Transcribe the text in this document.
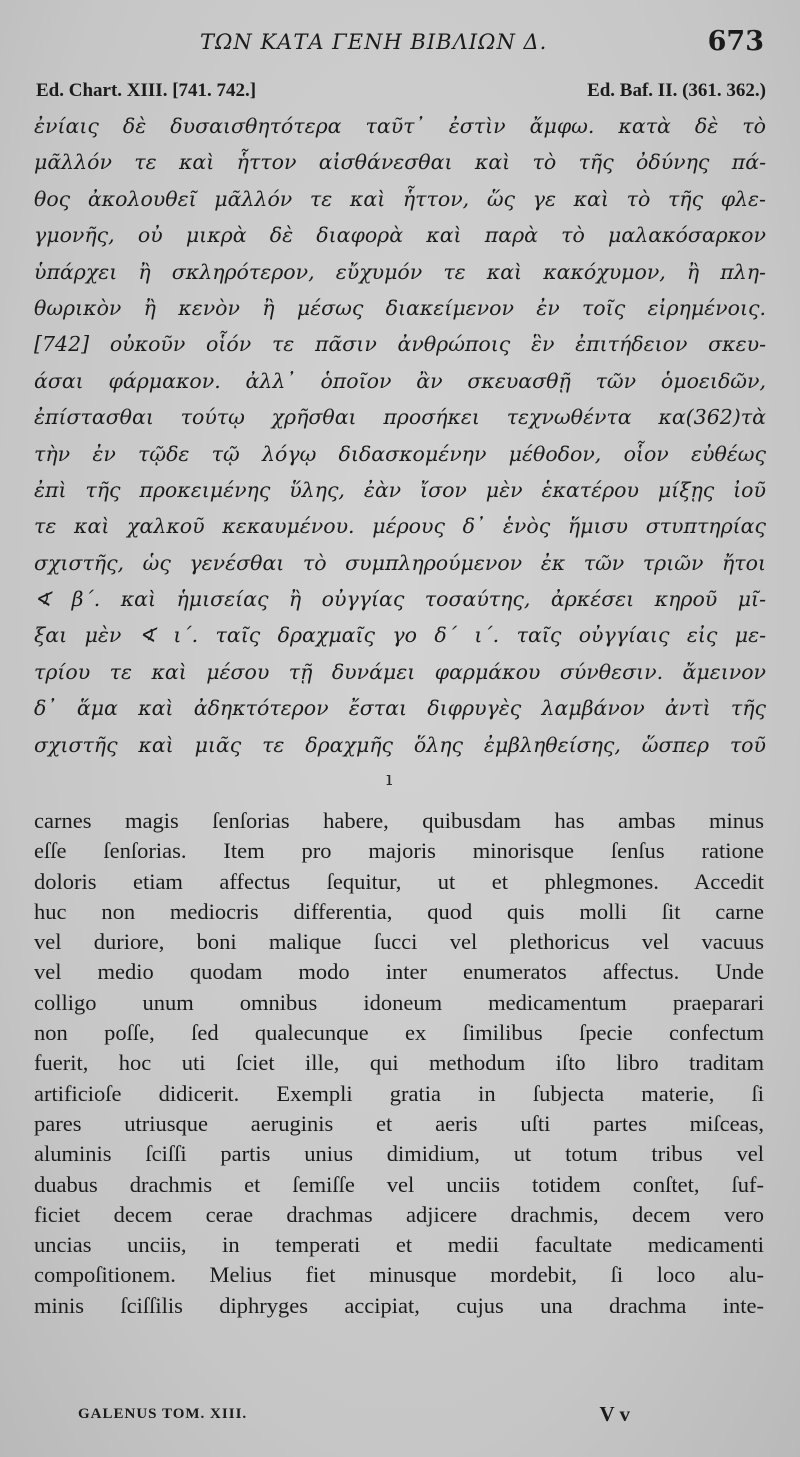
ΤΩΝ ΚΑΤΑ ΓΕΝΗ ΒΙΒΛΙΩΝ Δ.	673
Ed. Chart. XIII. [741. 742.]	Ed. Baf. II. (361. 362.)
ἐνίαις δὲ δυσαισθητότερα ταῦτ᾽ ἐστὶν ἄμφω. κατὰ δὲ τὸ
μᾶλλόν τε καὶ ἧττον αἰσθάνεσθαι καὶ τὸ τῆς ὀδύνης πά-
θος ἀκολουθεῖ μᾶλλόν τε καὶ ἧττον, ὥς γε καὶ τὸ τῆς φλε-
γμονῆς, οὐ μικρὰ δὲ διαφορὰ καὶ παρὰ τὸ μαλακόσαρκον
ὑπάρχει ἢ σκληρότερον, εὔχυμόν τε καὶ κακόχυμον, ἢ πλη-
θωρικὸν ἢ κενὸν ἢ μέσως διακείμενον ἐν τοῖς εἰρημένοις.
[742] οὐκοῦν οἷόν τε πᾶσιν ἀνθρώποις ἓν ἐπιτήδειον σκευ-
άσαι φάρμακον. ἀλλ᾽ ὁποῖον ἂν σκευασθῇ τῶν ὁμοειδῶν,
ἐπίστασθαι τούτῳ χρῆσθαι προσήκει τεχνωθέντα κα(362)τὰ
τὴν ἐν τῷδε τῷ λόγῳ διδασκομένην μέθοδον, οἷον εὐθέως
ἐπὶ τῆς προκειμένης ὕλης, ἐὰν ἴσον μὲν ἑκατέρου μίξῃς ἰοῦ
τε καὶ χαλκοῦ κεκαυμένου. μέρους δ᾽ ἑνὸς ἥμισυ στυπτηρίας
σχιστῆς, ὡς γενέσθαι τὸ συμπληρούμενον ἐκ τῶν τριῶν ἤτοι
∢ β΄. καὶ ἡμισείας ἢ οὐγγίας τοσαύτης, ἀρκέσει κηροῦ μῖ-
ξαι μὲν ∢ ι΄. ταῖς δραχμαῖς γο δ΄ ι΄. ταῖς οὐγγίαις εἰς με-
τρίου τε καὶ μέσου τῇ δυνάμει φαρμάκου σύνθεσιν. ἄμεινον
δ᾽ ἅμα καὶ ἀδηκτότερον ἔσται διφρυγὲς λαμβάνον ἀντὶ τῆς
σχιστῆς καὶ μιᾶς τε δραχμῆς ὅλης ἐμβληθείσης, ὥσπερ τοῦ
ı
carnes magis ſenſorias habere, quibusdam has ambas minus
eſſe ſenſorias. Item pro majoris minorisque ſenſus ratione
doloris etiam affectus ſequitur, ut et phlegmones. Accedit
huc non mediocris differentia, quod quis molli ſit carne
vel duriore, boni malique ſucci vel plethoricus vel vacuus
vel medio quodam modo inter enumeratos affectus. Unde
colligo unum omnibus idoneum medicamentum praeparari
non poſſe, ſed qualecunque ex ſimilibus ſpecie confectum
fuerit, hoc uti ſciet ille, qui methodum iſto libro traditam
artificioſe didicerit. Exempli gratia in ſubjecta materie, ſi
pares utriusque aeruginis et aeris uſti partes miſceas,
aluminis ſciſſi partis unius dimidium, ut totum tribus vel
duabus drachmis et ſemiſſe vel unciis totidem conſtet, ſuf-
ficiet decem cerae drachmas adjicere drachmis, decem vero
uncias unciis, in temperati et medii facultate medicamenti
compoſitionem. Melius fiet minusque mordebit, ſi loco alu-
minis ſciſſilis diphryges accipiat, cujus una drachma inte-
GALENUS TOM. XIII.	V v
